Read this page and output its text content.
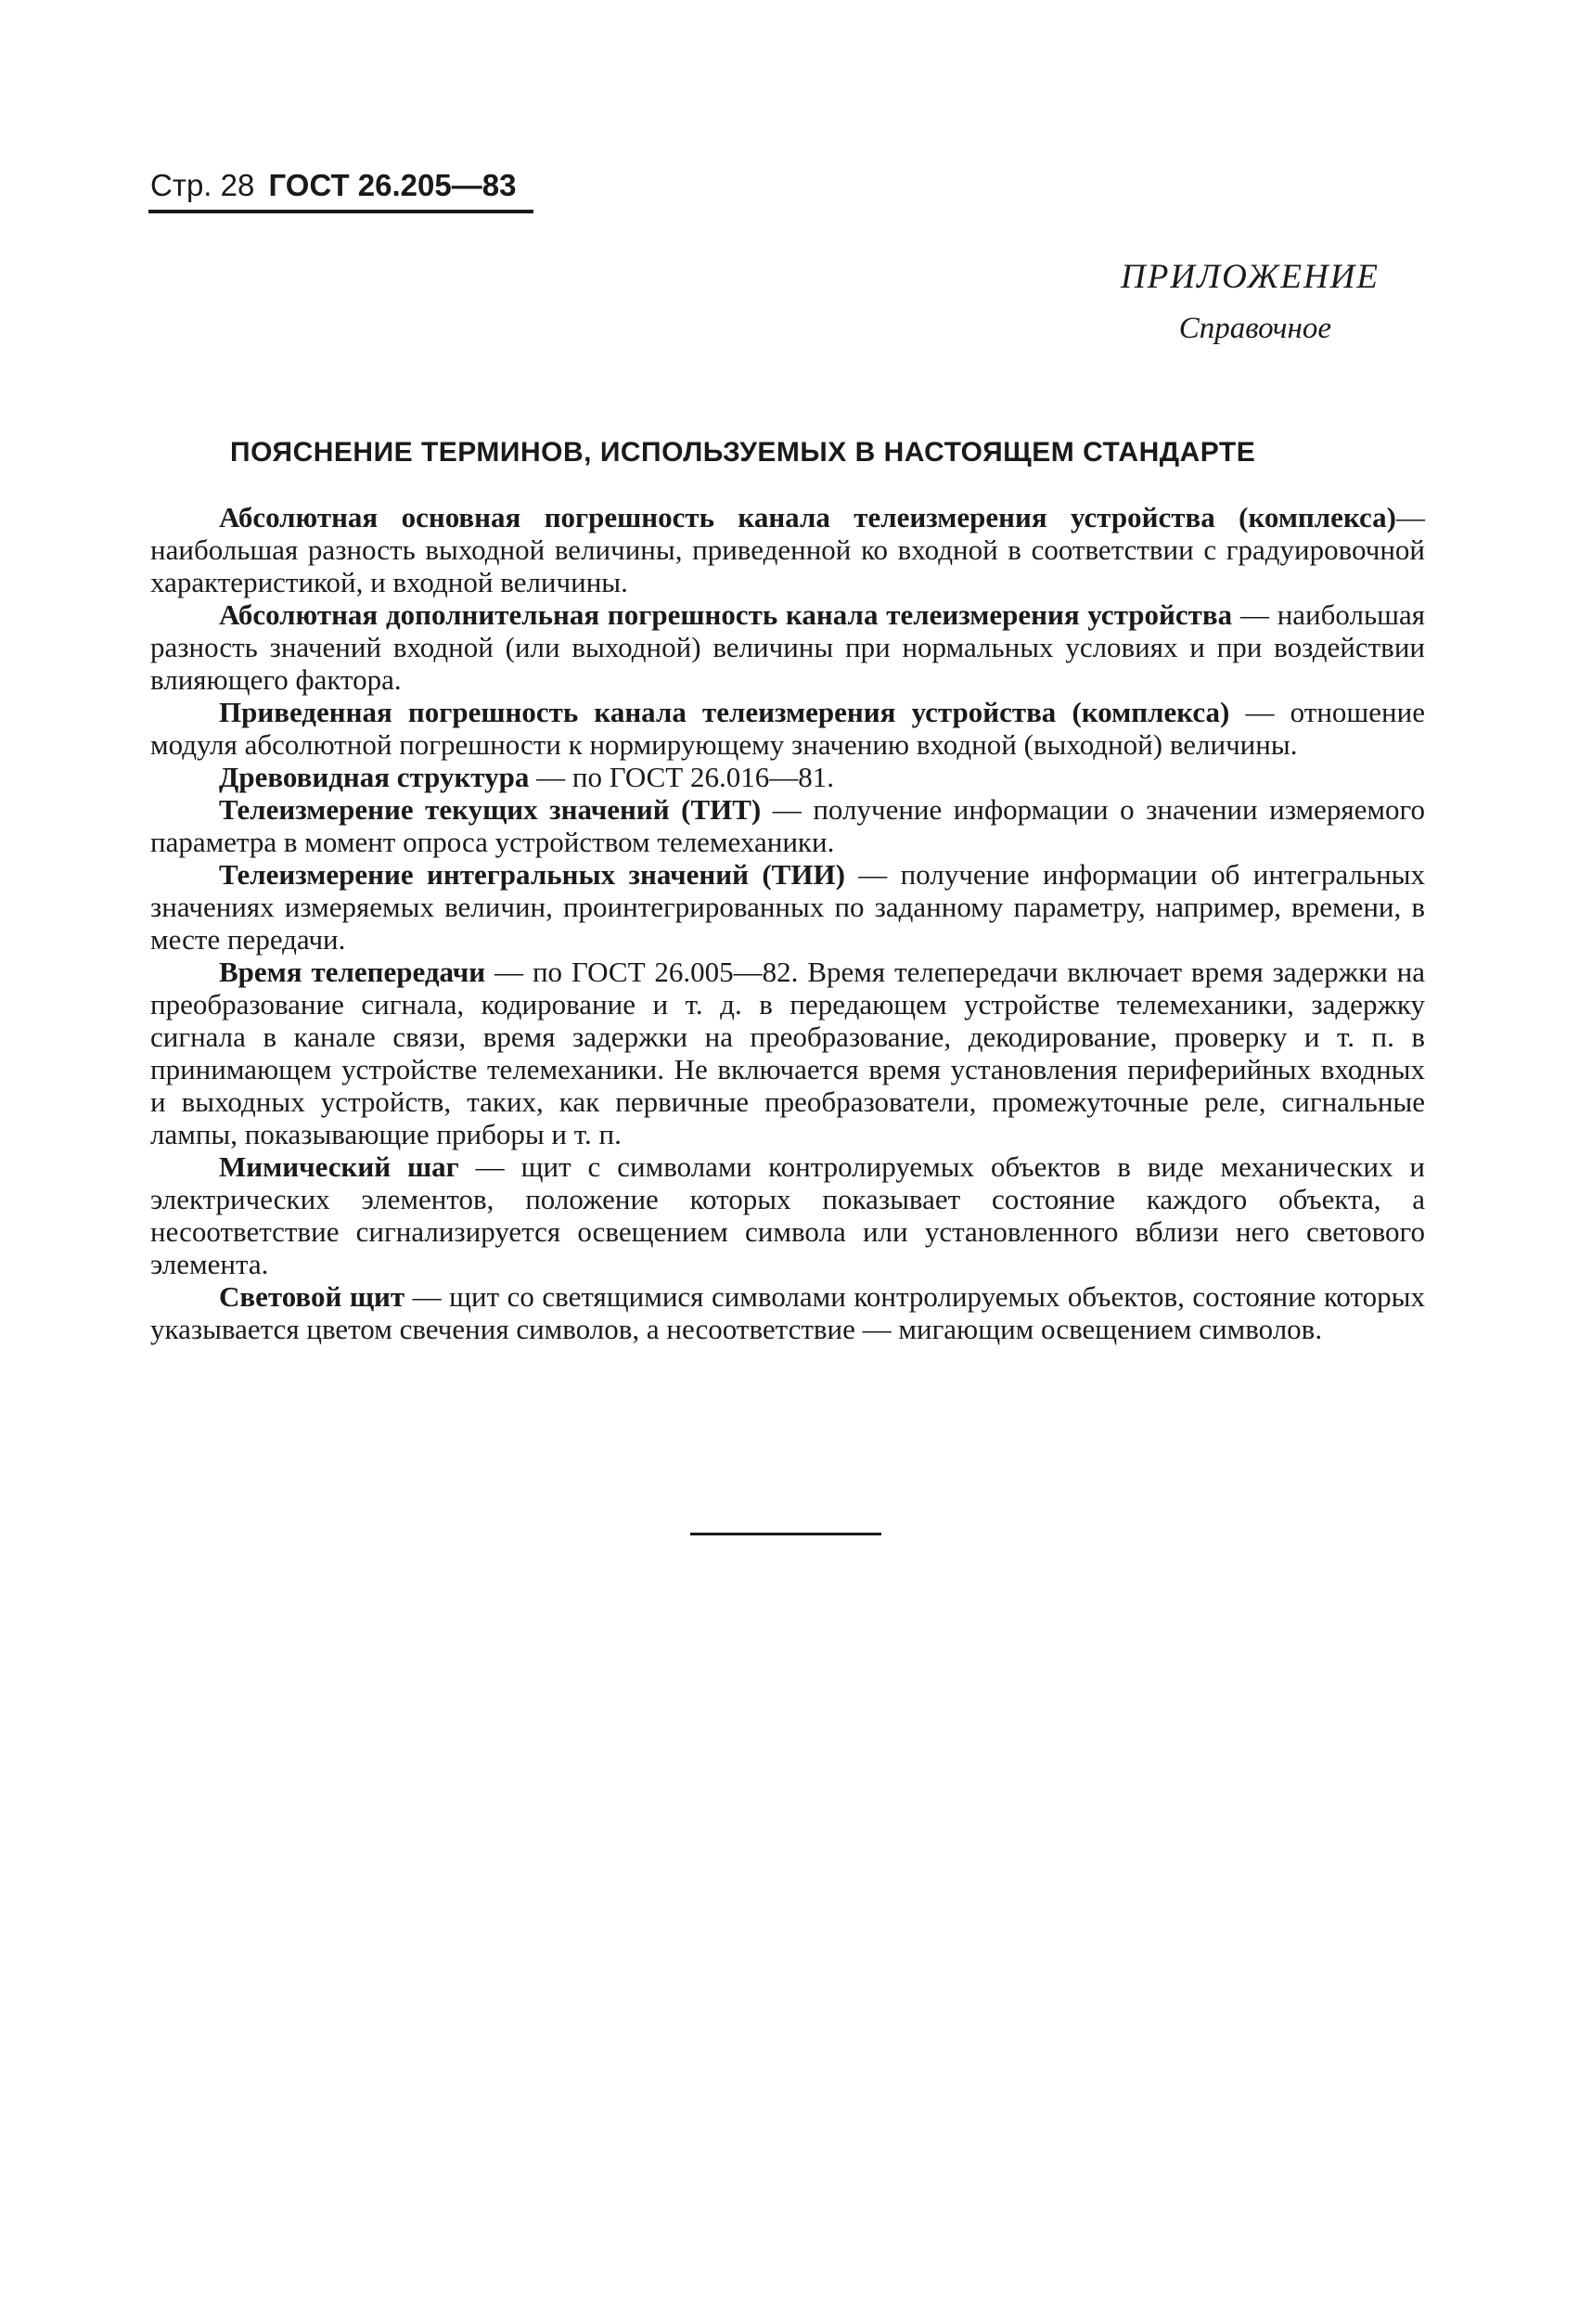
Стр. 28 ГОСТ 26.205—83
ПРИЛОЖЕНИЕ
Справочное
ПОЯСНЕНИЕ ТЕРМИНОВ, ИСПОЛЬЗУЕМЫХ В НАСТОЯЩЕМ СТАНДАРТЕ

Абсолютная основная погрешность канала телеизмерения устройства (комплекса)— наибольшая разность выходной величины, приведенной ко входной в соответствии с градуировочной характеристикой, и входной величины.

Абсолютная дополнительная погрешность канала телеизмерения устройства — наибольшая разность значений входной (или выходной) величины при нормальных условиях и при воздействии влияющего фактора.

Приведенная погрешность канала телеизмерения устройства (комплекса) — отношение модуля абсолютной погрешности к нормирующему значению входной (выходной) величины.

Древовидная структура — по ГОСТ 26.016—81.

Телеизмерение текущих значений (ТИТ) — получение информации о значении измеряемого параметра в момент опроса устройством телемеханики.

Телеизмерение интегральных значений (ТИИ) — получение информации об интегральных значениях измеряемых величин, проинтегрированных по заданному параметру, например, времени, в месте передачи.

Время телепередачи — по ГОСТ 26.005—82. Время телепередачи включает время задержки на преобразование сигнала, кодирование и т. д. в передающем устройстве телемеханики, задержку сигнала в канале связи, время задержки на преобразование, декодирование, проверку и т. п. в принимающем устройстве телемеханики. Не включается время установления периферийных входных и выходных устройств, таких, как первичные преобразователи, промежуточные реле, сигнальные лампы, показывающие приборы и т. п.

Мимический шаг — щит с символами контролируемых объектов в виде механических и электрических элементов, положение которых показывает состояние каждого объекта, а несоответствие сигнализируется освещением символа или установленного вблизи него светового элемента.

Световой щит — щит со светящимися символами контролируемых объектов, состояние которых указывается цветом свечения символов, а несоответствие — мигающим освещением символов.
